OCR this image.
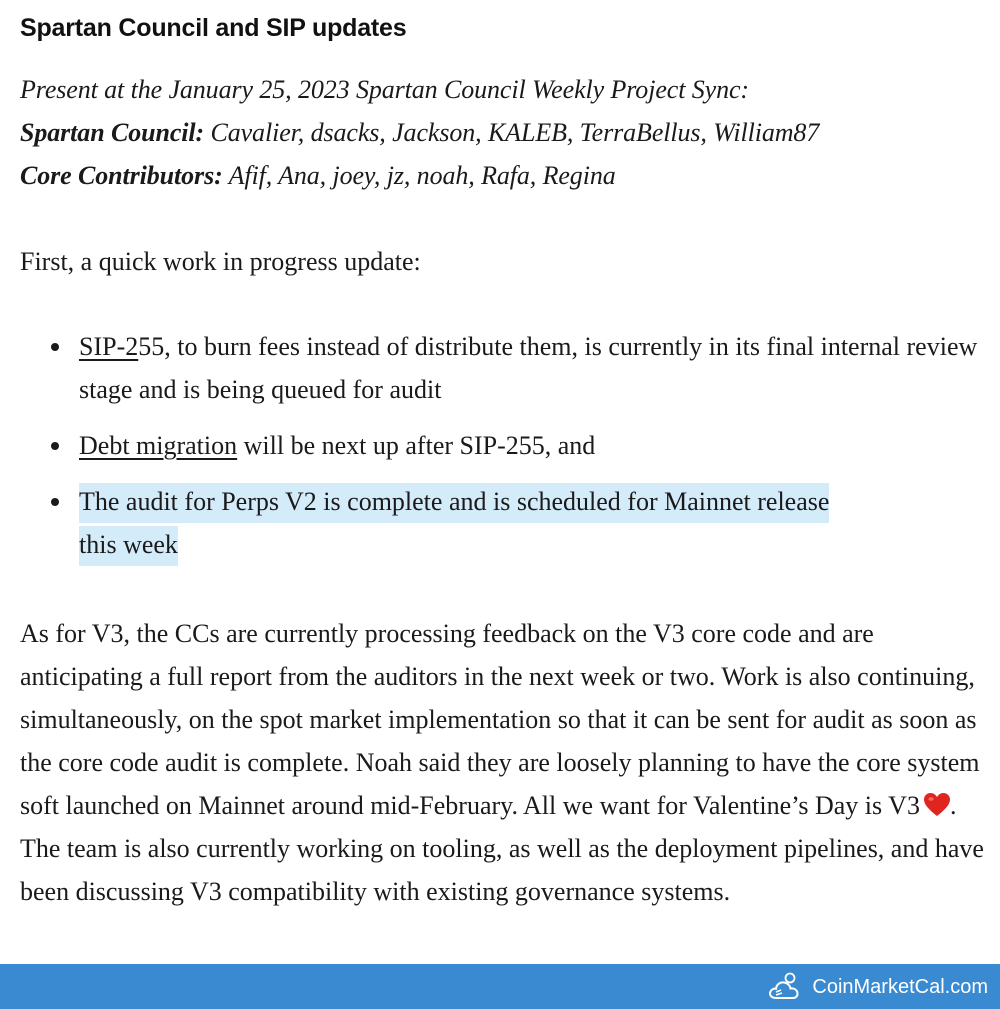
Spartan Council and SIP updates
Present at the January 25, 2023 Spartan Council Weekly Project Sync:
Spartan Council: Cavalier, dsacks, Jackson, KALEB, TerraBellus, William87
Core Contributors: Afif, Ana, joey, jz, noah, Rafa, Regina
First, a quick work in progress update:
SIP-255, to burn fees instead of distribute them, is currently in its final internal review stage and is being queued for audit
Debt migration will be next up after SIP-255, and
The audit for Perps V2 is complete and is scheduled for Mainnet release
this week
As for V3, the CCs are currently processing feedback on the V3 core code and are anticipating a full report from the auditors in the next week or two. Work is also continuing, simultaneously, on the spot market implementation so that it can be sent for audit as soon as the core code audit is complete. Noah said they are loosely planning to have the core system soft launched on Mainnet around mid-February. All we want for Valentine’s Day is V3 . The team is also currently working on tooling, as well as the deployment pipelines, and have been discussing V3 compatibility with existing governance systems.
CoinMarketCal.com
